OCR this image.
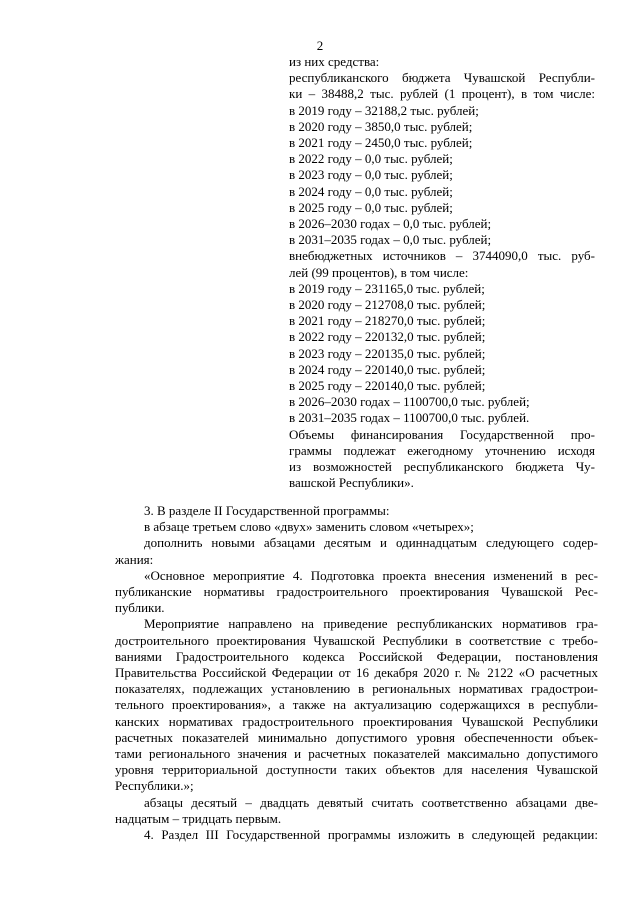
2
из них средства:
республиканского бюджета Чувашской Республи-
ки – 38488,2 тыс. рублей (1 процент), в том числе:
в 2019 году – 32188,2 тыс. рублей;
в 2020 году – 3850,0 тыс. рублей;
в 2021 году – 2450,0 тыс. рублей;
в 2022 году – 0,0 тыс. рублей;
в 2023 году – 0,0 тыс. рублей;
в 2024 году – 0,0 тыс. рублей;
в 2025 году – 0,0 тыс. рублей;
в 2026–2030 годах – 0,0 тыс. рублей;
в 2031–2035 годах – 0,0 тыс. рублей;
внебюджетных источников – 3744090,0 тыс. руб-
лей (99 процентов), в том числе:
в 2019 году – 231165,0 тыс. рублей;
в 2020 году – 212708,0 тыс. рублей;
в 2021 году – 218270,0 тыс. рублей;
в 2022 году – 220132,0 тыс. рублей;
в 2023 году – 220135,0 тыс. рублей;
в 2024 году – 220140,0 тыс. рублей;
в 2025 году – 220140,0 тыс. рублей;
в 2026–2030 годах – 1100700,0 тыс. рублей;
в 2031–2035 годах – 1100700,0 тыс. рублей.
Объемы финансирования Государственной про-
граммы подлежат ежегодному уточнению исходя
из возможностей республиканского бюджета Чу-
вашской Республики».
3. В разделе II Государственной программы:
в абзаце третьем слово «двух» заменить словом «четырех»;
дополнить новыми абзацами десятым и одиннадцатым следующего содер-
жания:
«Основное мероприятие 4. Подготовка проекта внесения изменений в рес-
публиканские нормативы градостроительного проектирования Чувашской Рес-
публики.
Мероприятие направлено на приведение республиканских нормативов гра-
достроительного проектирования Чувашской Республики в соответствие с требо-
ваниями Градостроительного кодекса Российской Федерации, постановления
Правительства Российской Федерации от 16 декабря 2020 г. № 2122 «О расчетных
показателях, подлежащих установлению в региональных нормативах градострои-
тельного проектирования», а также на актуализацию содержащихся в республи-
канских нормативах градостроительного проектирования Чувашской Республики
расчетных показателей минимально допустимого уровня обеспеченности объек-
тами регионального значения и расчетных показателей максимально допустимого
уровня территориальной доступности таких объектов для населения Чувашской
Республики.»;
абзацы десятый – двадцать девятый считать соответственно абзацами две-
надцатым – тридцать первым.
4. Раздел III Государственной программы изложить в следующей редакции:
